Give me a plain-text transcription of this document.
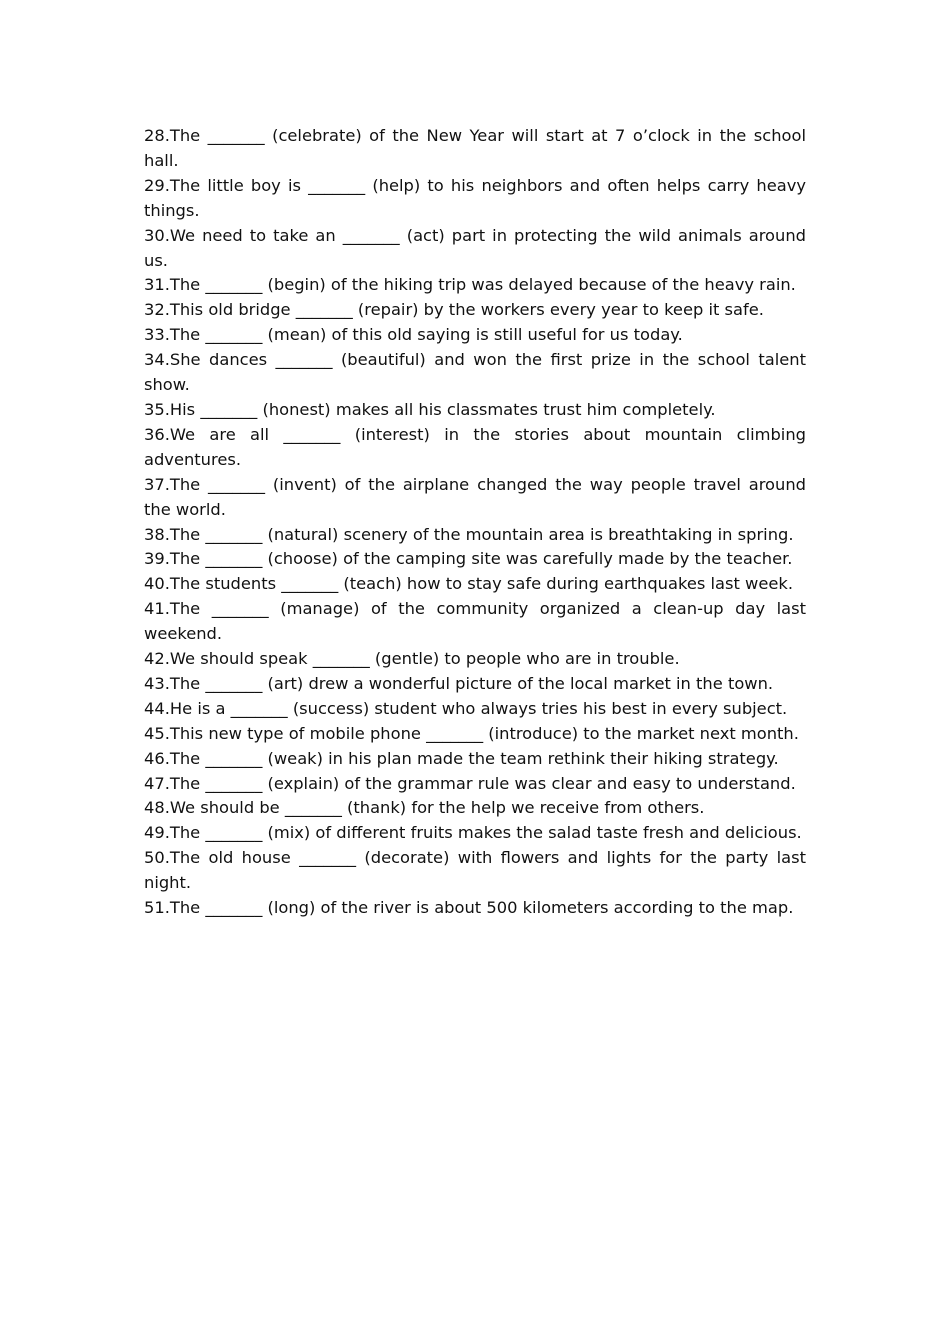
28.The _______ (celebrate) of the New Year will start at 7 o’clock in the school hall.

29.The little boy is _______ (help) to his neighbors and often helps carry heavy things.

30.We need to take an _______ (act) part in protecting the wild animals around us.

31.The _______ (begin) of the hiking trip was delayed because of the heavy rain.

32.This old bridge _______ (repair) by the workers every year to keep it safe.

33.The _______ (mean) of this old saying is still useful for us today.

34.She dances _______ (beautiful) and won the first prize in the school talent show.

35.His _______ (honest) makes all his classmates trust him completely.

36.We are all _______ (interest) in the stories about mountain climbing adventures.

37.The _______ (invent) of the airplane changed the way people travel around the world.

38.The _______ (natural) scenery of the mountain area is breathtaking in spring.

39.The _______ (choose) of the camping site was carefully made by the teacher.

40.The students _______ (teach) how to stay safe during earthquakes last week.

41.The _______ (manage) of the community organized a clean-up day last weekend.

42.We should speak _______ (gentle) to people who are in trouble.

43.The _______ (art) drew a wonderful picture of the local market in the town.

44.He is a _______ (success) student who always tries his best in every subject.

45.This new type of mobile phone _______ (introduce) to the market next month.

46.The _______ (weak) in his plan made the team rethink their hiking strategy.

47.The _______ (explain) of the grammar rule was clear and easy to understand.

48.We should be _______ (thank) for the help we receive from others.

49.The _______ (mix) of different fruits makes the salad taste fresh and delicious.

50.The old house _______ (decorate) with flowers and lights for the party last night.

51.The _______ (long) of the river is about 500 kilometers according to the map.
